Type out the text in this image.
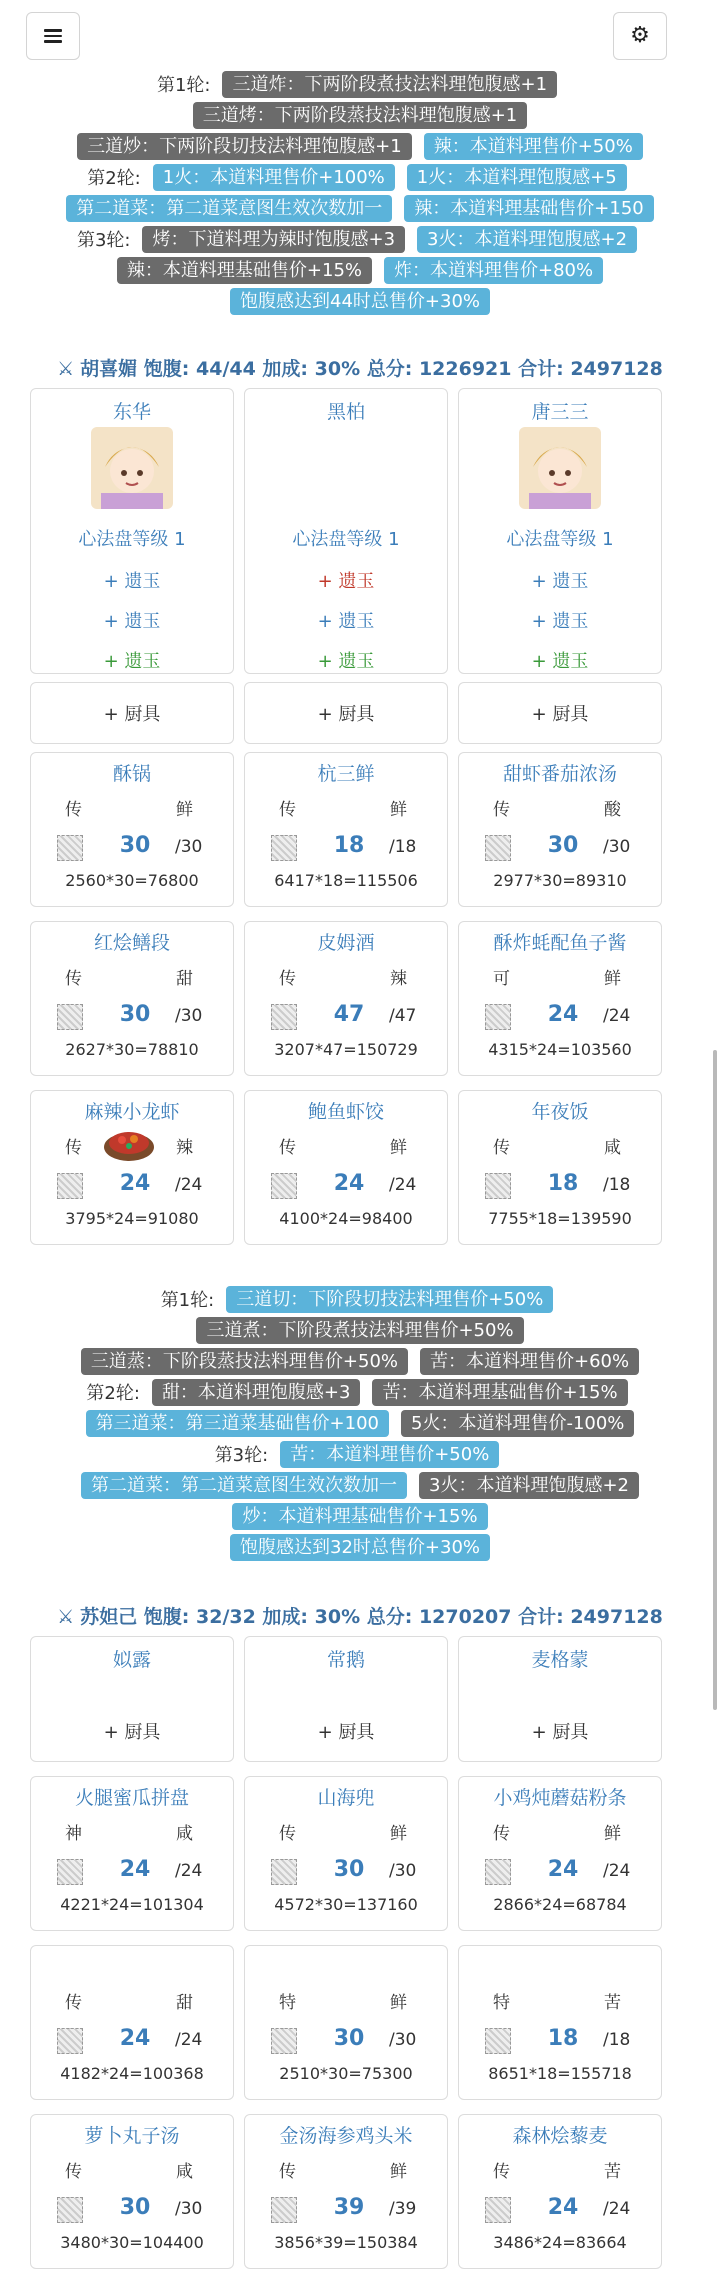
⚙
第1轮:	三道炸：下两阶段煮技法料理饱腹感+1
三道烤：下两阶段蒸技法料理饱腹感+1
三道炒：下两阶段切技法料理饱腹感+1	辣：本道料理售价+50%
第2轮:	1火：本道料理售价+100%	1火：本道料理饱腹感+5
第二道菜：第二道菜意图生效次数加一	辣：本道料理基础售价+150
第3轮:	烤：下道料理为辣时饱腹感+3	3火：本道料理饱腹感+2
辣：本道料理基础售价+15%	炸：本道料理售价+80%
饱腹感达到44时总售价+30%
⚔ 胡喜媚 饱腹: 44/44 加成: 30% 总分: 1226921 合计: 2497128
东华
心法盘等级 1
+ 遗玉
+ 遗玉
+ 遗玉
黑柏
心法盘等级 1
+ 遗玉
+ 遗玉
+ 遗玉
唐三三
心法盘等级 1
+ 遗玉
+ 遗玉
+ 遗玉
+ 厨具	+ 厨具	+ 厨具
酥锅
传	鲜
30 /30
2560*30=76800
杭三鲜
传	鲜
18 /18
6417*18=115506
甜虾番茄浓汤
传	酸
30 /30
2977*30=89310
红烩鳝段
传	甜
30 /30
2627*30=78810
皮姆酒
传	辣
47 /47
3207*47=150729
酥炸蚝配鱼子酱
可	鲜
24 /24
4315*24=103560
麻辣小龙虾
传	辣
24 /24
3795*24=91080
鲍鱼虾饺
传	鲜
24 /24
4100*24=98400
年夜饭
传	咸
18 /18
7755*18=139590
第1轮:	三道切：下阶段切技法料理售价+50%
三道煮：下阶段煮技法料理售价+50%
三道蒸：下阶段蒸技法料理售价+50%	苦：本道料理售价+60%
第2轮:	甜：本道料理饱腹感+3	苦：本道料理基础售价+15%
第三道菜：第三道菜基础售价+100	5火：本道料理售价-100%
第3轮:	苦：本道料理售价+50%
第二道菜：第二道菜意图生效次数加一	3火：本道料理饱腹感+2
炒：本道料理基础售价+15%
饱腹感达到32时总售价+30%
⚔ 苏妲己 饱腹: 32/32 加成: 30% 总分: 1270207 合计: 2497128
姒露
+ 厨具
常鹅
+ 厨具
麦格蒙
+ 厨具
火腿蜜瓜拼盘
神	咸
24 /24
4221*24=101304
山海兜
传	鲜
30 /30
4572*30=137160
小鸡炖蘑菇粉条
传	鲜
24 /24
2866*24=68784
传	甜
24 /24
4182*24=100368
特	鲜
30 /30
2510*30=75300
特	苦
18 /18
8651*18=155718
萝卜丸子汤
传	咸
30 /30
3480*30=104400
金汤海参鸡头米
传	鲜
39 /39
3856*39=150384
森林烩藜麦
传	苦
24 /24
3486*24=83664
